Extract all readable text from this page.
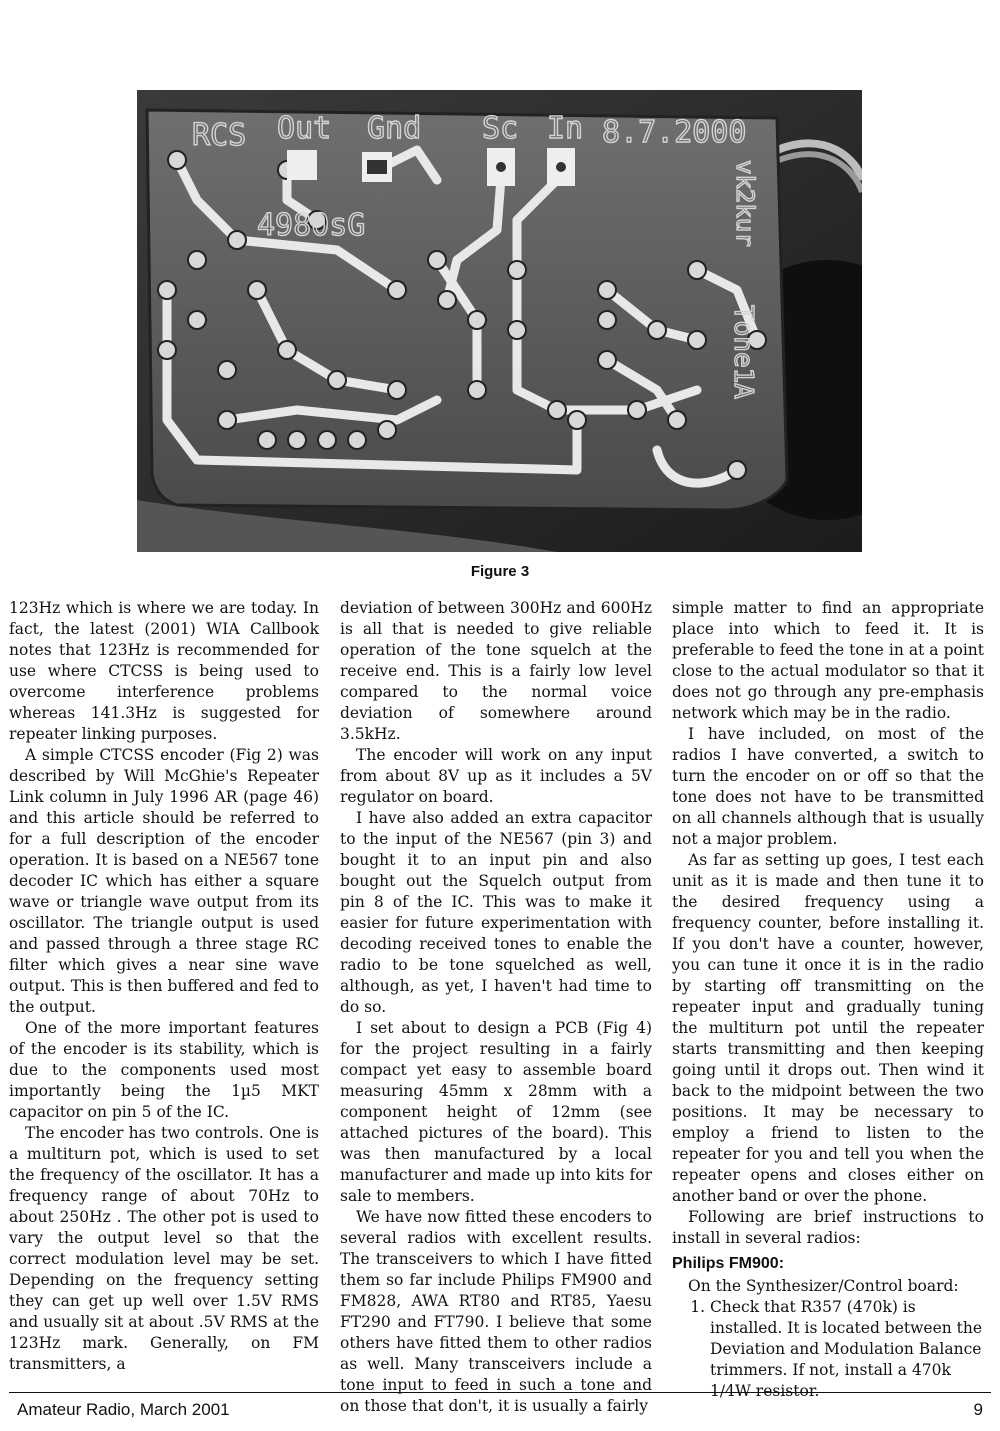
RCS Out Gnd Sc In 8.7.2000
4980sG	vk2kur
Tone1A
Figure 3

123Hz which is where we are today. In fact, the latest (2001) WIA Callbook notes that 123Hz is recommended for use where CTCSS is being used to overcome interference problems whereas 141.3Hz is suggested for repeater linking purposes.

A simple CTCSS encoder (Fig 2) was described by Will McGhie's Repeater Link column in July 1996 AR (page 46) and this article should be referred to for a full description of the encoder operation. It is based on a NE567 tone decoder IC which has either a square wave or triangle wave output from its oscillator. The triangle output is used and passed through a three stage RC filter which gives a near sine wave output. This is then buffered and fed to the output.

One of the more important features of the encoder is its stability, which is due to the components used most importantly being the 1µ5 MKT capacitor on pin 5 of the IC.

The encoder has two controls. One is a multiturn pot, which is used to set the frequency of the oscillator. It has a frequency range of about 70Hz to about 250Hz . The other pot is used to vary the output level so that the correct modulation level may be set. Depending on the frequency setting they can get up well over 1.5V RMS and usually sit at about .5V RMS at the 123Hz mark. Generally, on FM transmitters, a

deviation of between 300Hz and 600Hz is all that is needed to give reliable operation of the tone squelch at the receive end. This is a fairly low level compared to the normal voice deviation of somewhere around 3.5kHz.

The encoder will work on any input from about 8V up as it includes a 5V regulator on board.

I have also added an extra capacitor to the input of the NE567 (pin 3) and bought it to an input pin and also bought out the Squelch output from pin 8 of the IC. This was to make it easier for future experimentation with decoding received tones to enable the radio to be tone squelched as well, although, as yet, I haven't had time to do so.

I set about to design a PCB (Fig 4) for the project resulting in a fairly compact yet easy to assemble board measuring 45mm x 28mm with a component height of 12mm (see attached pictures of the board). This was then manufactured by a local manufacturer and made up into kits for sale to members.

We have now fitted these encoders to several radios with excellent results. The transceivers to which I have fitted them so far include Philips FM900 and FM828, AWA RT80 and RT85, Yaesu FT290 and FT790. I believe that some others have fitted them to other radios as well. Many transceivers include a tone input to feed in such a tone and on those that don't, it is usually a fairly

simple matter to find an appropriate place into which to feed it. It is preferable to feed the tone in at a point close to the actual modulator so that it does not go through any pre-emphasis network which may be in the radio.

I have included, on most of the radios I have converted, a switch to turn the encoder on or off so that the tone does not have to be transmitted on all channels although that is usually not a major problem.

As far as setting up goes, I test each unit as it is made and then tune it to the desired frequency using a frequency counter, before installing it. If you don't have a counter, however, you can tune it once it is in the radio by starting off transmitting on the repeater input and gradually tuning the multiturn pot until the repeater starts transmitting and then keeping going until it drops out. Then wind it back to the midpoint between the two positions. It may be necessary to employ a friend to listen to the repeater for you and tell you when the repeater opens and closes either on another band or over the phone.

Following are brief instructions to install in several radios:

Philips FM900:

On the Synthesizer/Control board:

1. Check that R357 (470k) is installed. It is located between the Deviation and Modulation Balance trimmers. If not, install a 470k 1/4W resistor.
Amateur Radio, March 2001	9
